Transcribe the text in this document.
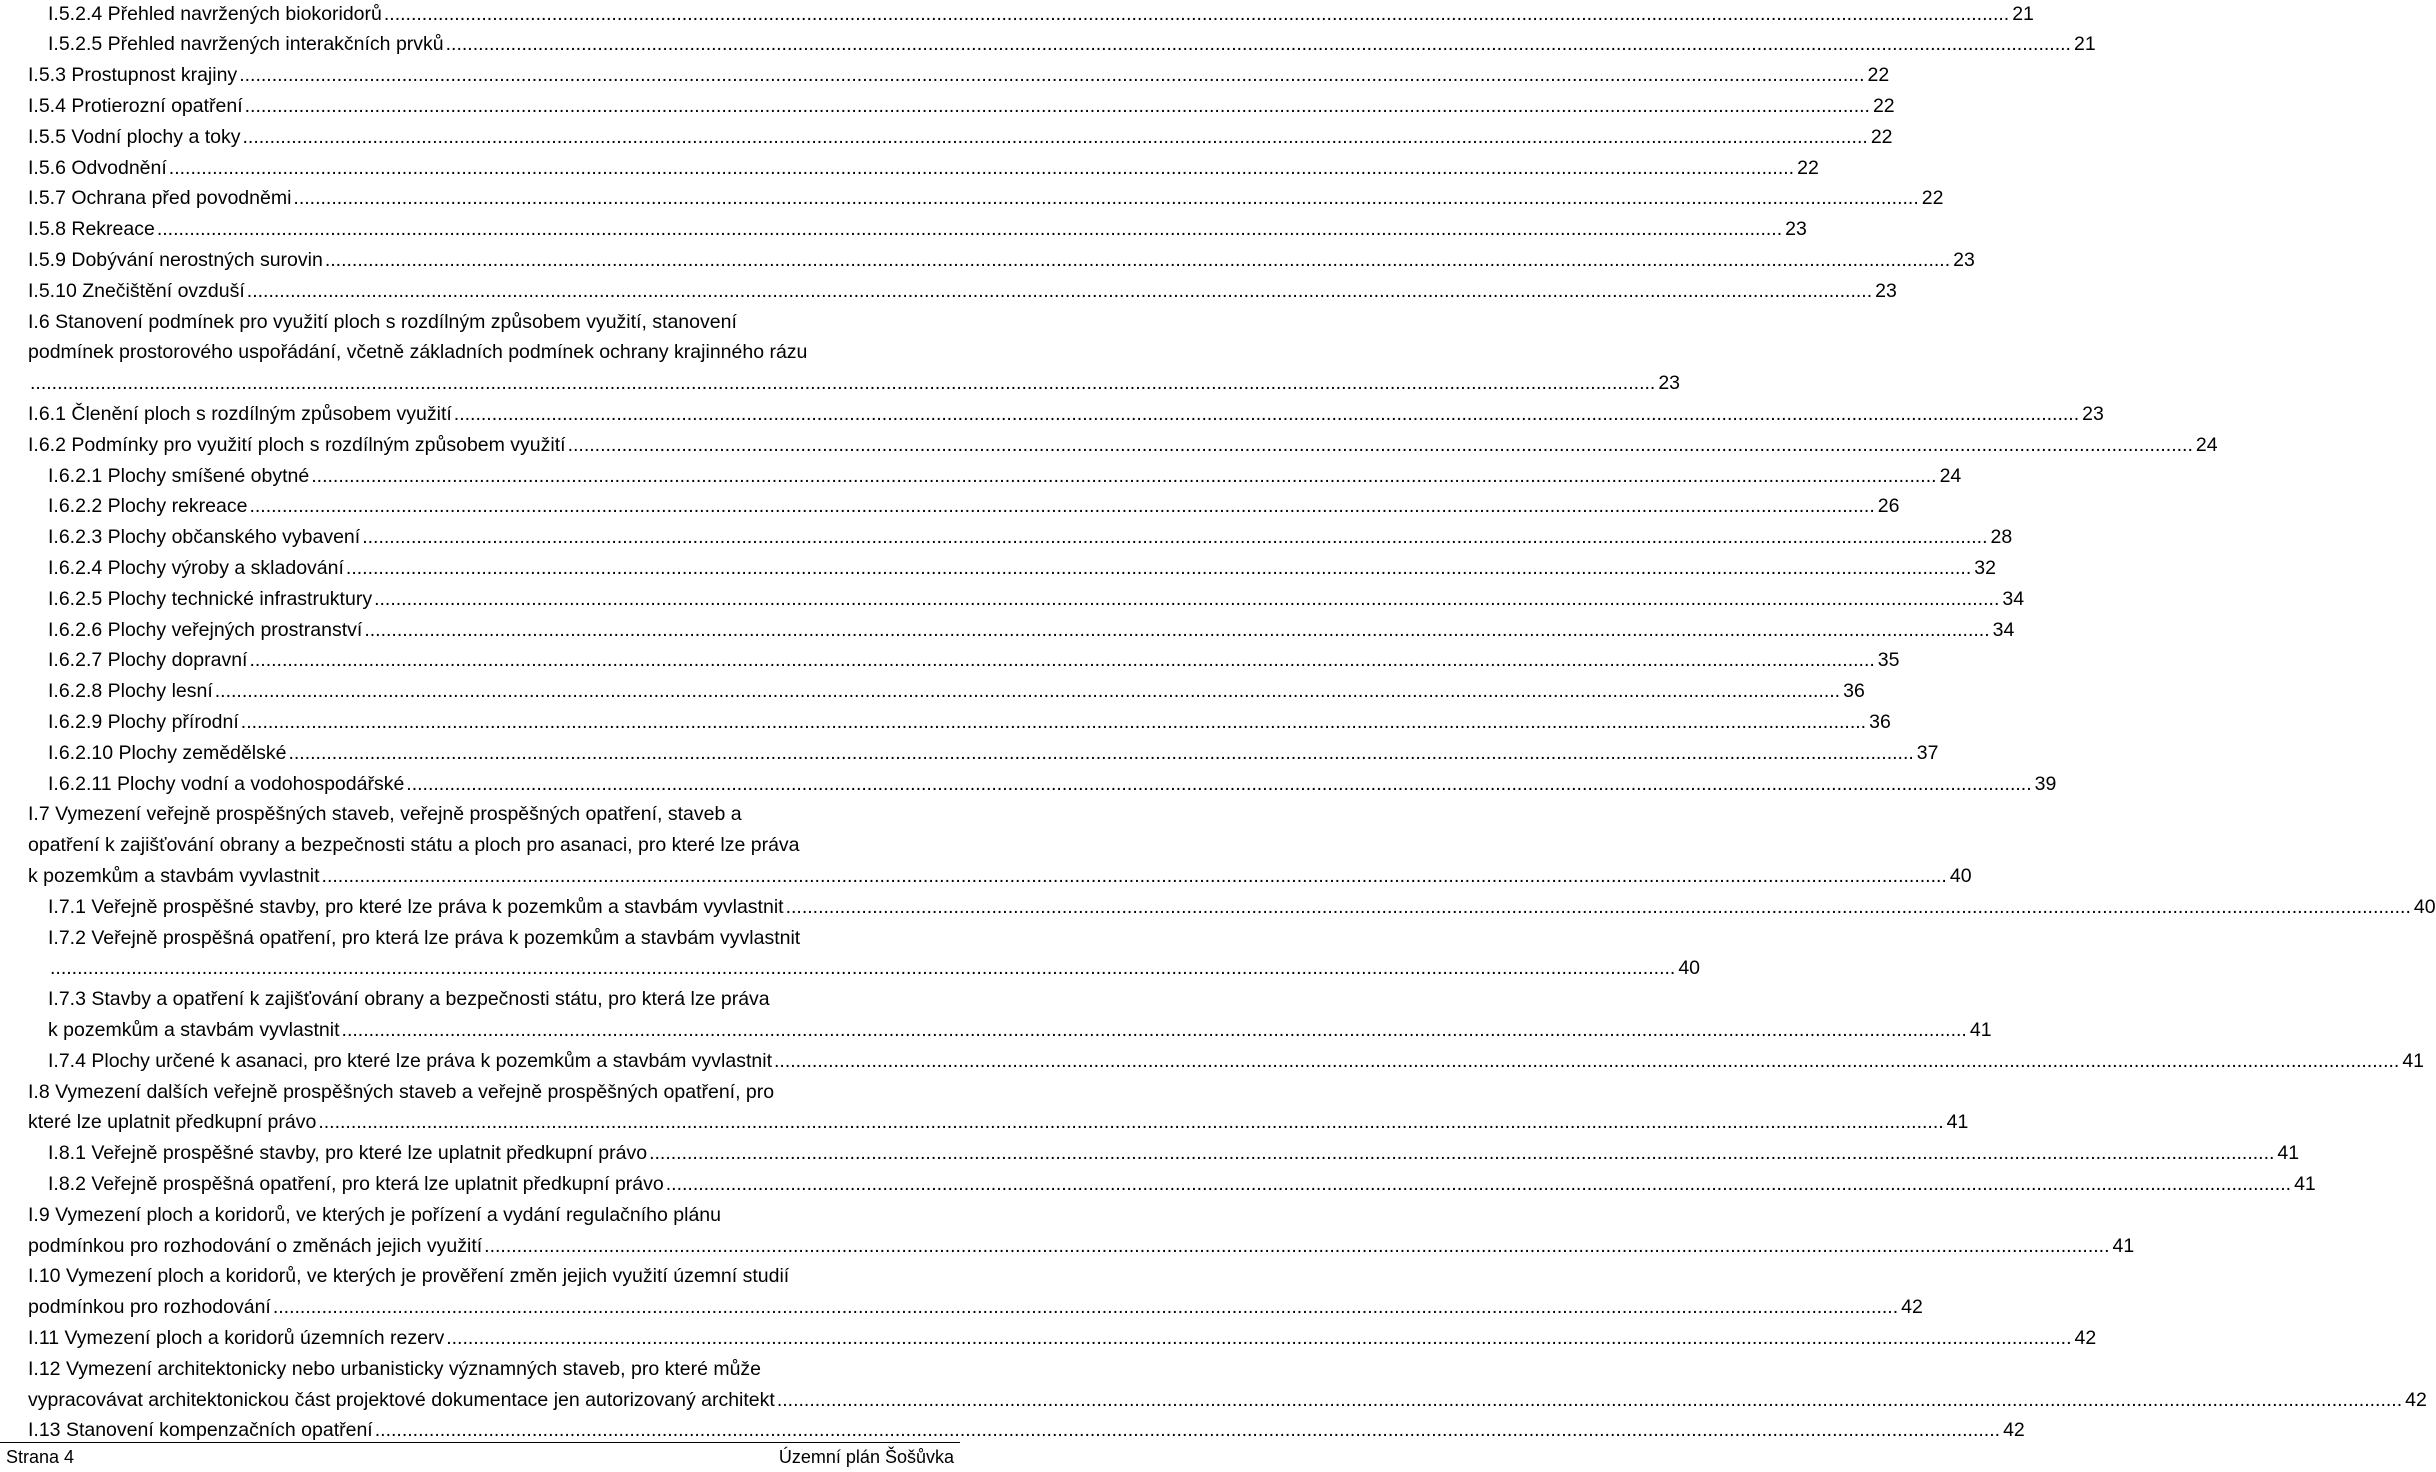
I.5.2.4 Přehled navržených biokoridorů ............................................................................................................................................................................................................................................................................................................ 21
I.5.2.5 Přehled navržených interakčních prvků ............................................................................................................................................................................................................................................................................................................ 21
I.5.3 Prostupnost krajiny ............................................................................................................................................................................................................................................................................................................ 22
I.5.4 Protierozní opatření ............................................................................................................................................................................................................................................................................................................ 22
I.5.5 Vodní plochy a toky ............................................................................................................................................................................................................................................................................................................ 22
I.5.6 Odvodnění ............................................................................................................................................................................................................................................................................................................ 22
I.5.7 Ochrana před povodněmi ............................................................................................................................................................................................................................................................................................................ 22
I.5.8 Rekreace ............................................................................................................................................................................................................................................................................................................ 23
I.5.9 Dobývání nerostných surovin ............................................................................................................................................................................................................................................................................................................ 23
I.5.10 Znečištění ovzduší ............................................................................................................................................................................................................................................................................................................ 23
I.6 Stanovení podmínek pro využití ploch s rozdílným způsobem využití, stanovení
podmínek prostorového uspořádání, včetně základních podmínek ochrany krajinného rázu
............................................................................................................................................................................................................................................................................................................ 23
I.6.1 Členění ploch s rozdílným způsobem využití ............................................................................................................................................................................................................................................................................................................ 23
I.6.2 Podmínky pro využití ploch s rozdílným způsobem využití ............................................................................................................................................................................................................................................................................................................ 24
I.6.2.1 Plochy smíšené obytné ............................................................................................................................................................................................................................................................................................................ 24
I.6.2.2 Plochy rekreace ............................................................................................................................................................................................................................................................................................................ 26
I.6.2.3 Plochy občanského vybavení ............................................................................................................................................................................................................................................................................................................ 28
I.6.2.4 Plochy výroby a skladování ............................................................................................................................................................................................................................................................................................................ 32
I.6.2.5 Plochy technické infrastruktury ............................................................................................................................................................................................................................................................................................................ 34
I.6.2.6 Plochy veřejných prostranství ............................................................................................................................................................................................................................................................................................................ 34
I.6.2.7 Plochy dopravní ............................................................................................................................................................................................................................................................................................................ 35
I.6.2.8 Plochy lesní ............................................................................................................................................................................................................................................................................................................ 36
I.6.2.9 Plochy přírodní ............................................................................................................................................................................................................................................................................................................ 36
I.6.2.10 Plochy zemědělské ............................................................................................................................................................................................................................................................................................................ 37
I.6.2.11 Plochy vodní a vodohospodářské ............................................................................................................................................................................................................................................................................................................ 39
I.7 Vymezení veřejně prospěšných staveb, veřejně prospěšných opatření, staveb a
opatření k zajišťování obrany a bezpečnosti státu a ploch pro asanaci, pro které lze práva
k pozemkům a stavbám vyvlastnit ............................................................................................................................................................................................................................................................................................................ 40
I.7.1 Veřejně prospěšné stavby, pro které lze práva k pozemkům a stavbám vyvlastnit ............................................................................................................................................................................................................................................................................................................ 40
I.7.2 Veřejně prospěšná opatření, pro která lze práva k pozemkům a stavbám vyvlastnit
............................................................................................................................................................................................................................................................................................................ 40
I.7.3 Stavby a opatření k zajišťování obrany a bezpečnosti státu, pro která lze práva
k pozemkům a stavbám vyvlastnit ............................................................................................................................................................................................................................................................................................................ 41
I.7.4 Plochy určené k asanaci, pro které lze práva k pozemkům a stavbám vyvlastnit ............................................................................................................................................................................................................................................................................................................ 41
I.8 Vymezení dalších veřejně prospěšných staveb a veřejně prospěšných opatření, pro
které lze uplatnit předkupní právo ............................................................................................................................................................................................................................................................................................................ 41
I.8.1 Veřejně prospěšné stavby, pro které lze uplatnit předkupní právo ............................................................................................................................................................................................................................................................................................................ 41
I.8.2 Veřejně prospěšná opatření, pro která lze uplatnit předkupní právo ............................................................................................................................................................................................................................................................................................................ 41
I.9 Vymezení ploch a koridorů, ve kterých je pořízení a vydání regulačního plánu
podmínkou pro rozhodování o změnách jejich využití ............................................................................................................................................................................................................................................................................................................ 41
I.10 Vymezení ploch a koridorů, ve kterých je prověření změn jejich využití územní studií
podmínkou pro rozhodování ............................................................................................................................................................................................................................................................................................................ 42
I.11 Vymezení ploch a koridorů územních rezerv ............................................................................................................................................................................................................................................................................................................ 42
I.12 Vymezení architektonicky nebo urbanisticky významných staveb, pro které může
vypracovávat architektonickou část projektové dokumentace jen autorizovaný architekt ............................................................................................................................................................................................................................................................................................................ 42
I.13 Stanovení kompenzačních opatření ............................................................................................................................................................................................................................................................................................................ 42
Strana 4	Územní plán Šošůvka
